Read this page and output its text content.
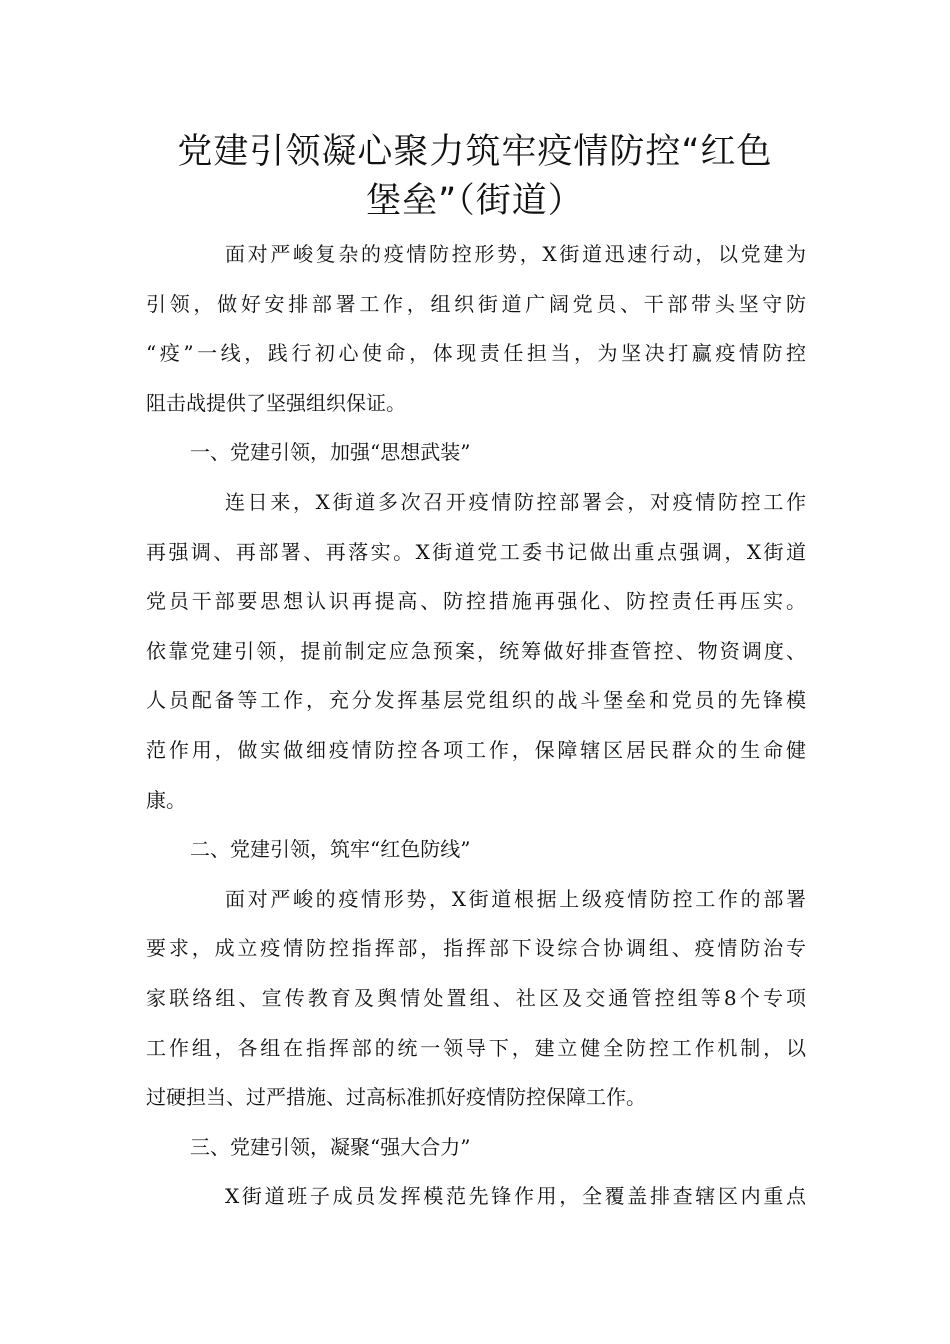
党建引领凝心聚力筑牢疫情防控“红色
堡垒”（街道）
面对严峻复杂的疫情防控形势，X街道迅速行动，以党建为
引领，做好安排部署工作，组织街道广阔党员、干部带头坚守防
“疫”一线，践行初心使命，体现责任担当，为坚决打赢疫情防控
阻击战提供了坚强组织保证。
一、党建引领，加强“思想武装”
连日来，X街道多次召开疫情防控部署会，对疫情防控工作
再强调、再部署、再落实。X街道党工委书记做出重点强调，X街道
党员干部要思想认识再提高、防控措施再强化、防控责任再压实。
依靠党建引领，提前制定应急预案，统筹做好排查管控、物资调度、
人员配备等工作，充分发挥基层党组织的战斗堡垒和党员的先锋模
范作用，做实做细疫情防控各项工作，保障辖区居民群众的生命健
康。
二、党建引领，筑牢“红色防线”
面对严峻的疫情形势，X街道根据上级疫情防控工作的部署
要求，成立疫情防控指挥部，指挥部下设综合协调组、疫情防治专
家联络组、宣传教育及舆情处置组、社区及交通管控组等8个专项
工作组，各组在指挥部的统一领导下，建立健全防控工作机制，以
过硬担当、过严措施、过高标准抓好疫情防控保障工作。
三、党建引领，凝聚“强大合力”
X街道班子成员发挥模范先锋作用，全覆盖排查辖区内重点
